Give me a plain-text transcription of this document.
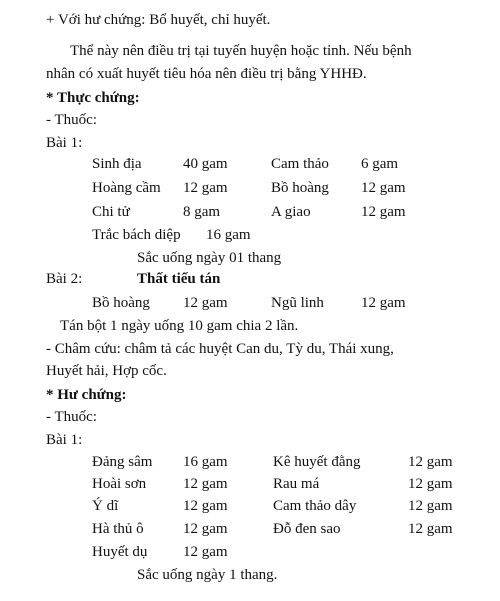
+ Với hư chứng: Bổ huyết, chỉ huyết.
Thể này nên điều trị tại tuyến huyện hoặc tỉnh. Nếu bệnh
nhân có xuất huyết tiêu hóa nên điều trị bằng YHHĐ.
* Thực chứng:
- Thuốc:
Bài 1:
Sinh địa	40 gam	Cam thảo 6 gam
Hoàng cầm 12 gam	Bồ hoàng 12 gam
Chi tử	8 gam	A giao	12 gam
Trắc bách diệp 16 gam
Sắc uống ngày 01 thang
Bài 2:	Thất tiếu tán
Bồ hoàng 12 gam	Ngũ linh 12 gam
Tán bột 1 ngày uống 10 gam chia 2 lần.
- Châm cứu: châm tả các huyệt Can du, Tỳ du, Thái xung,
Huyết hải, Hợp cốc.
* Hư chứng:
- Thuốc:
Bài 1:
Đảng sâm 16 gam	Kê huyết đằng	12 gam
Hoài sơn 12 gam	Rau má	12 gam
Ý dĩ	12 gam	Cam thảo dây	12 gam
Hà thủ ô	12 gam	Đỗ đen sao	12 gam
Huyết dụ 12 gam
Sắc uống ngày 1 thang.
